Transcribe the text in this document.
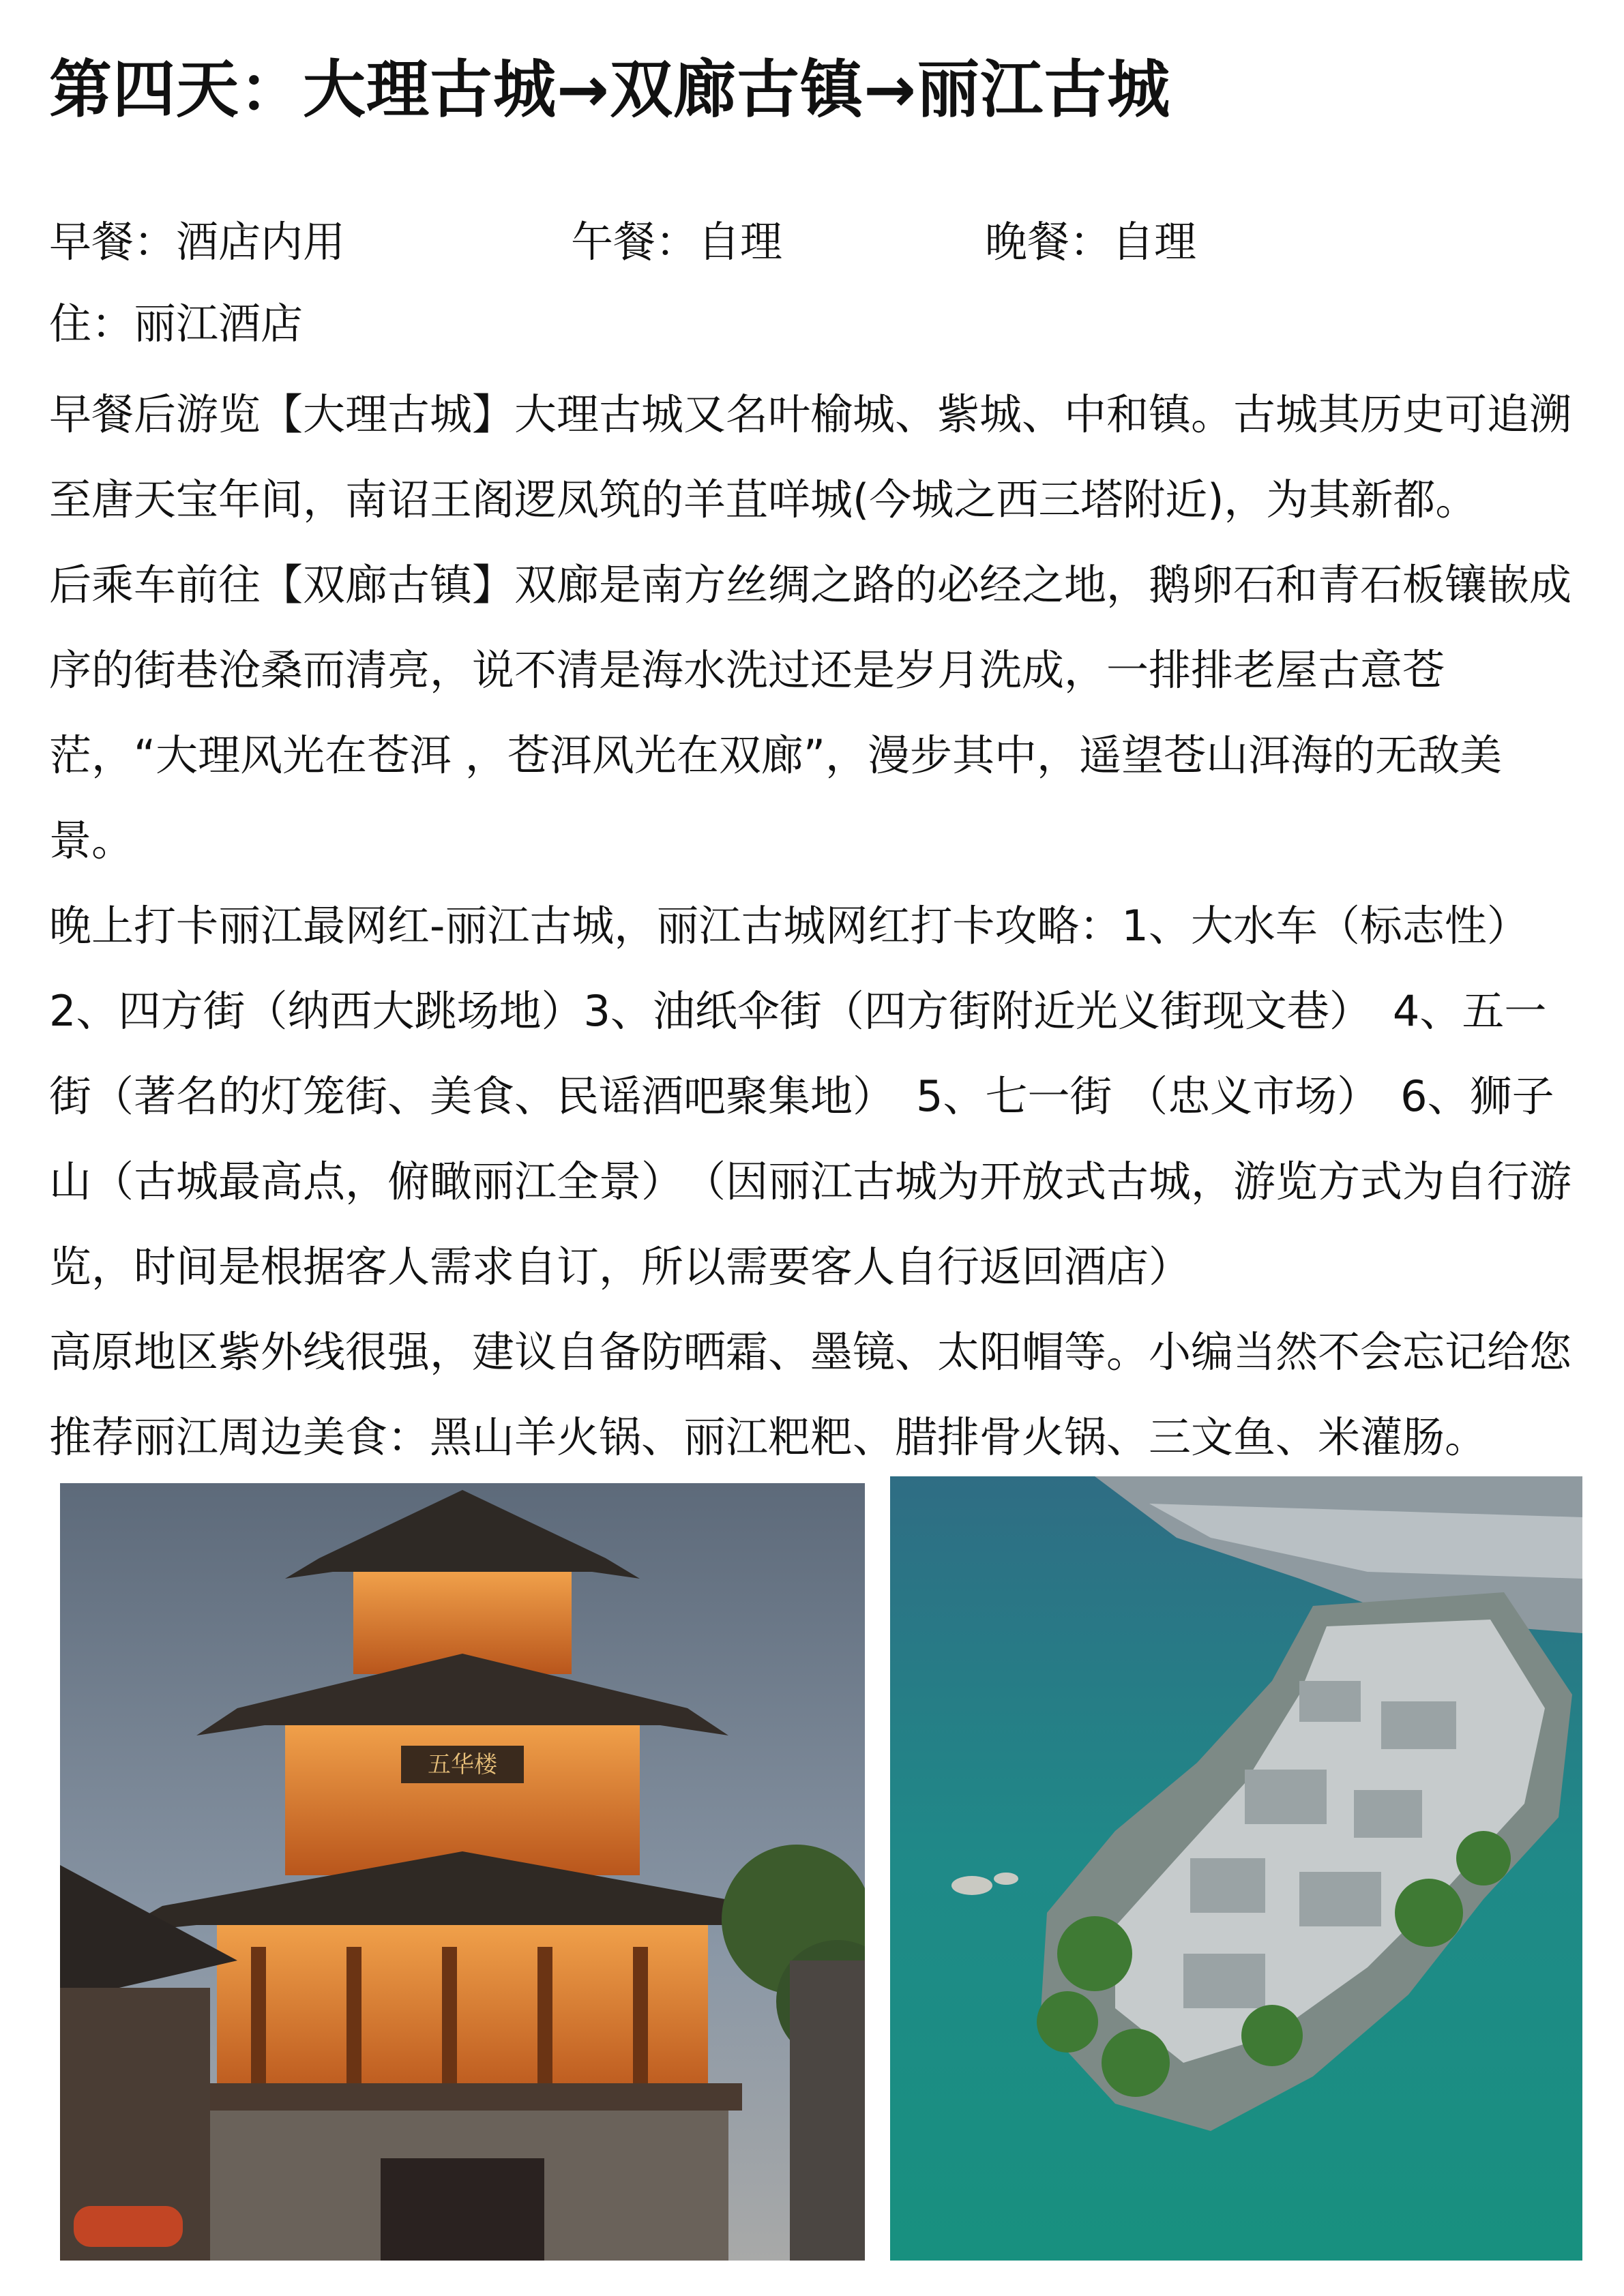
第四天：大理古城→双廊古镇→丽江古城
早餐：酒店内用	午餐：自理	晚餐：自理
住：丽江酒店

早餐后游览【大理古城】大理古城又名叶榆城、紫城、中和镇。古城其历史可追溯至唐天宝年间，南诏王阁逻凤筑的羊苴咩城(今城之西三塔附近)，为其新都。

后乘车前往【双廊古镇】双廊是南方丝绸之路的必经之地，鹅卵石和青石板镶嵌成序的街巷沧桑而清亮，说不清是海水洗过还是岁月洗成，一排排老屋古意苍茫，“大理风光在苍洱 ，苍洱风光在双廊”，漫步其中，遥望苍山洱海的无敌美景。

晚上打卡丽江最网红-丽江古城，丽江古城网红打卡攻略：1、大水车（标志性） 2、四方街（纳西大跳场地）3、油纸伞街（四方街附近光义街现文巷）　4、五一街（著名的灯笼街、美食、民谣酒吧聚集地）　5、七一街 （忠义市场）　6、狮子山（古城最高点，俯瞰丽江全景）　（因丽江古城为开放式古城，游览方式为自行游览，时间是根据客人需求自订，所以需要客人自行返回酒店）

高原地区紫外线很强，建议自备防晒霜、墨镜、太阳帽等。小编当然不会忘记给您

推荐丽江周边美食：黑山羊火锅、丽江粑粑、腊排骨火锅、三文鱼、米灌肠。

五华楼
